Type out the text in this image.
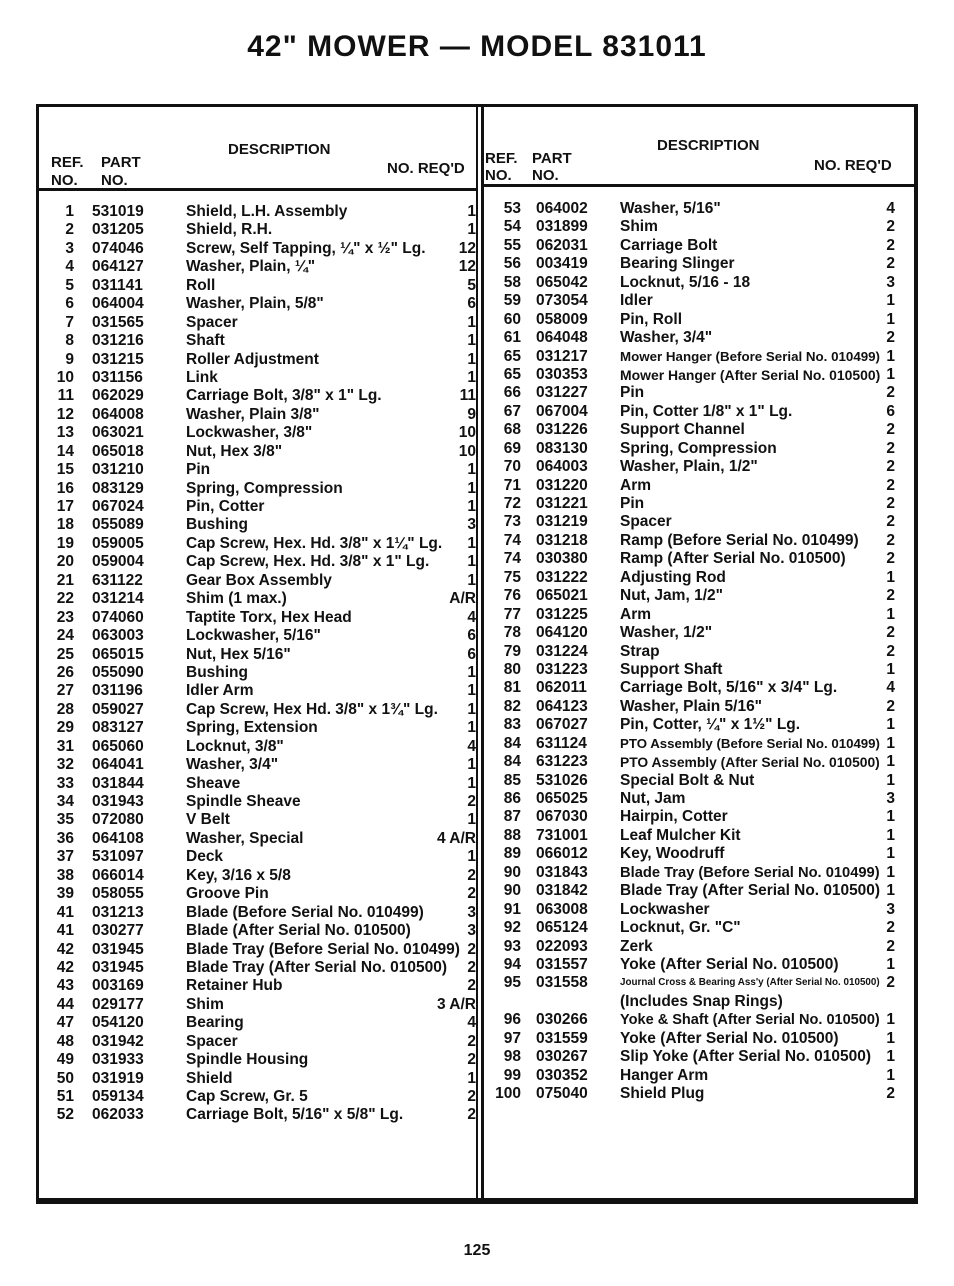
42" MOWER — MODEL 831011
REF.
NO.
PART
NO.
DESCRIPTION
NO. REQ'D
REF.
NO.
PART
NO.
DESCRIPTION
NO. REQ'D
1 531019	Shield, L.H. Assembly	1
2 031205	Shield, R.H.	1
3 074046	Screw, Self Tapping, ¼" x ½" Lg.	12
4 064127	Washer, Plain, ¼"	12
5 031141	Roll	5
6 064004	Washer, Plain, 5/8"	6
7 031565	Spacer	1
8 031216	Shaft	1
9 031215	Roller Adjustment	1
10 031156	Link	1
11 062029	Carriage Bolt, 3/8" x 1" Lg.	11
12 064008	Washer, Plain 3/8"	9
13 063021	Lockwasher, 3/8"	10
14 065018	Nut, Hex 3/8"	10
15 031210	Pin	1
16 083129	Spring, Compression	1
17 067024	Pin, Cotter	1
18 055089	Bushing	3
19 059005	Cap Screw, Hex. Hd. 3/8" x 1¼" Lg.	1
20 059004	Cap Screw, Hex. Hd. 3/8" x 1" Lg.	1
21 631122	Gear Box Assembly	1
22 031214	Shim (1 max.)	A/R
23 074060	Taptite Torx, Hex Head	4
24 063003	Lockwasher, 5/16"	6
25 065015	Nut, Hex 5/16"	6
26 055090	Bushing	1
27 031196	Idler Arm	1
28 059027	Cap Screw, Hex Hd. 3/8" x 1¾" Lg.	1
29 083127	Spring, Extension	1
31 065060	Locknut, 3/8"	4
32 064041	Washer, 3/4"	1
33 031844	Sheave	1
34 031943	Spindle Sheave	2
35 072080	V Belt	1
36 064108	Washer, Special	4 A/R
37 531097	Deck	1
38 066014	Key, 3/16 x 5/8	2
39 058055	Groove Pin	2
41 031213	Blade (Before Serial No. 010499)	3
41 030277	Blade (After Serial No. 010500)	3
42 031945	Blade Tray (Before Serial No. 010499) 2
42 031945	Blade Tray (After Serial No. 010500)	2
43 003169	Retainer Hub	2
44 029177	Shim	3 A/R
47 054120	Bearing	4
48 031942	Spacer	2
49 031933	Spindle Housing	2
50 031919	Shield	1
51 059134	Cap Screw, Gr. 5	2
52 062033	Carriage Bolt, 5/16" x 5/8" Lg.	2
53 064002 Washer, 5/16"	4
54 031899 Shim	2
55 062031 Carriage Bolt	2
56 003419 Bearing Slinger	2
58 065042 Locknut, 5/16 - 18	3
59 073054 Idler	1
60 058009 Pin, Roll	1
61 064048 Washer, 3/4"	2
65 031217 Mower Hanger (Before Serial No. 010499) 1
65 030353 Mower Hanger (After Serial No. 010500) 1
66 031227 Pin	2
67 067004 Pin, Cotter 1/8" x 1" Lg.	6
68 031226 Support Channel	2
69 083130 Spring, Compression	2
70 064003 Washer, Plain, 1/2"	2
71 031220 Arm	2
72 031221 Pin	2
73 031219 Spacer	2
74 031218 Ramp (Before Serial No. 010499)	2
74 030380 Ramp (After Serial No. 010500)	2
75 031222 Adjusting Rod	1
76 065021 Nut, Jam, 1/2"	2
77 031225 Arm	1
78 064120 Washer, 1/2"	2
79 031224 Strap	2
80 031223 Support Shaft	1
81 062011 Carriage Bolt, 5/16" x 3/4" Lg.	4
82 064123 Washer, Plain 5/16"	2
83 067027 Pin, Cotter, ¼" x 1½" Lg.	1
84 631124 PTO Assembly (Before Serial No. 010499) 1
84 631223 PTO Assembly (After Serial No. 010500) 1
85 531026 Special Bolt & Nut	1
86 065025 Nut, Jam	3
87 067030 Hairpin, Cotter	1
88 731001 Leaf Mulcher Kit	1
89 066012 Key, Woodruff	1
90 031843 Blade Tray (Before Serial No. 010499) 1
90 031842 Blade Tray (After Serial No. 010500) 1
91 063008 Lockwasher	3
92 065124 Locknut, Gr. "C"	2
93 022093 Zerk	2
94 031557 Yoke (After Serial No. 010500)	1
95 031558	Journal Cross & Bearing Ass'y (After Serial No. 010500) 2
(Includes Snap Rings)
96 030266 Yoke & Shaft (After Serial No. 010500) 1
97 031559 Yoke (After Serial No. 010500)	1
98 030267 Slip Yoke (After Serial No. 010500) 1
99 030352 Hanger Arm	1
100 075040 Shield Plug	2
125
